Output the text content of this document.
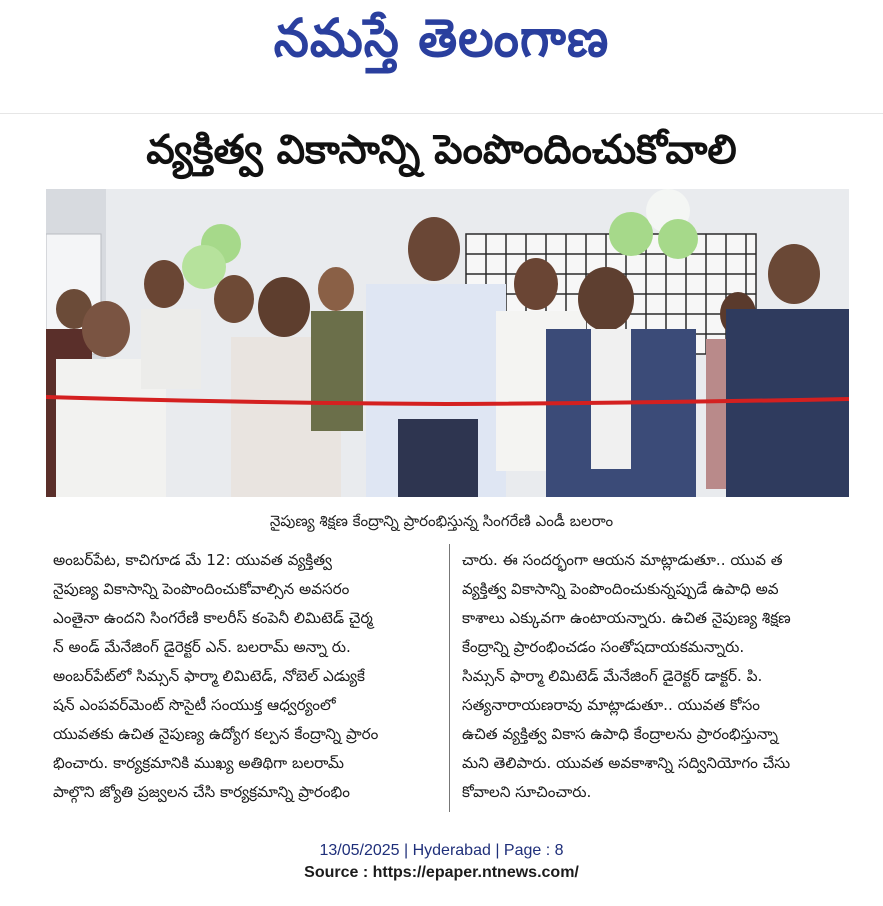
నమస్తే తెలంగాణ
వ్యక్తిత్వ వికాసాన్ని పెంపొందించుకోవాలి
నైపుణ్య శిక్షణ కేంద్రాన్ని ప్రారంభిస్తున్న సింగరేణి ఎండీ బలరాం
అంబర్‌పేట, కాచిగూడ మే 12: యువత వ్యక్తిత్వ
నైపుణ్య వికాసాన్ని పెంపొందించుకోవాల్సిన అవసరం
ఎంతైనా ఉందని సింగరేణి కాలరీస్ కంపెనీ లిమిటెడ్ చైర్మ
న్ అండ్ మేనేజింగ్ డైరెక్టర్ ఎన్. బలరామ్ అన్నా రు.
అంబర్‌పేట్‌లో సిమ్సన్ ఫార్మా లిమిటెడ్, నోబెల్ ఎడ్యుకే
షన్ ఎంపవర్‌మెంట్ సొసైటీ సంయుక్త ఆధ్వర్యంలో
యువతకు ఉచిత నైపుణ్య ఉద్యోగ కల్పన కేంద్రాన్ని ప్రారం
భించారు. కార్యక్రమానికి ముఖ్య అతిథిగా బలరామ్
పాల్గొని జ్యోతి ప్రజ్వలన చేసి కార్యక్రమాన్ని ప్రారంభిం
చారు. ఈ సందర్భంగా ఆయన మాట్లాడుతూ.. యువ త
వ్యక్తిత్వ వికాసాన్ని పెంపొందించుకున్నప్పుడే ఉపాధి అవ
కాశాలు ఎక్కువగా ఉంటాయన్నారు. ఉచిత నైపుణ్య శిక్షణ
కేంద్రాన్ని ప్రారంభించడం సంతోషదాయకమన్నారు.
సిమ్సన్ ఫార్మా లిమిటెడ్ మేనేజింగ్ డైరెక్టర్ డాక్టర్. పి.
సత్యనారాయణరావు మాట్లాడుతూ.. యువత కోసం
ఉచిత వ్యక్తిత్వ వికాస ఉపాధి కేంద్రాలను ప్రారంభిస్తున్నా
మని తెలిపారు. యువత అవకాశాన్ని సద్వినియోగం చేసు
కోవాలని సూచించారు.
13/05/2025 | Hyderabad | Page : 8
Source : https://epaper.ntnews.com/
